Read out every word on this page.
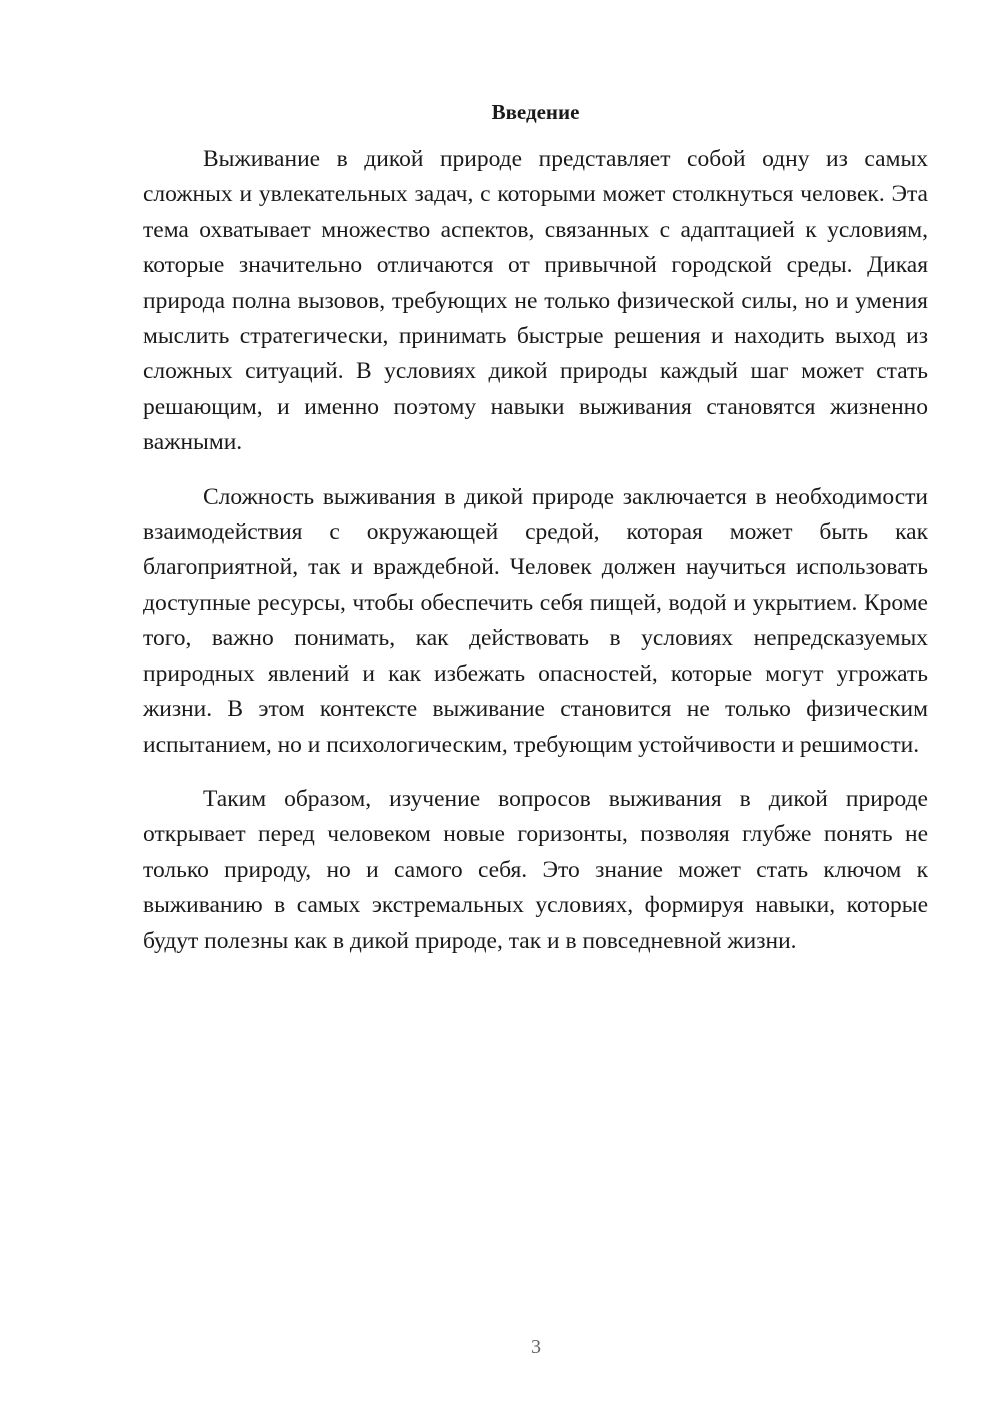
Введение

Выживание в дикой природе представляет собой одну из самых сложных и увлекательных задач, с которыми может столкнуться человек. Эта тема охватывает множество аспектов, связанных с адаптацией к условиям, которые значительно отличаются от привычной городской среды. Дикая природа полна вызовов, требующих не только физической силы, но и умения мыслить стратегически, принимать быстрые решения и находить выход из сложных ситуаций. В условиях дикой природы каждый шаг может стать решающим, и именно поэтому навыки выживания становятся жизненно важными.

Сложность выживания в дикой природе заключается в необходимости взаимодействия с окружающей средой, которая может быть как благоприятной, так и враждебной. Человек должен научиться использовать доступные ресурсы, чтобы обеспечить себя пищей, водой и укрытием. Кроме того, важно понимать, как действовать в условиях непредсказуемых природных явлений и как избежать опасностей, которые могут угрожать жизни. В этом контексте выживание становится не только физическим испытанием, но и психологическим, требующим устойчивости и решимости.

Таким образом, изучение вопросов выживания в дикой природе открывает перед человеком новые горизонты, позволяя глубже понять не только природу, но и самого себя. Это знание может стать ключом к выживанию в самых экстремальных условиях, формируя навыки, которые будут полезны как в дикой природе, так и в повседневной жизни.

3
